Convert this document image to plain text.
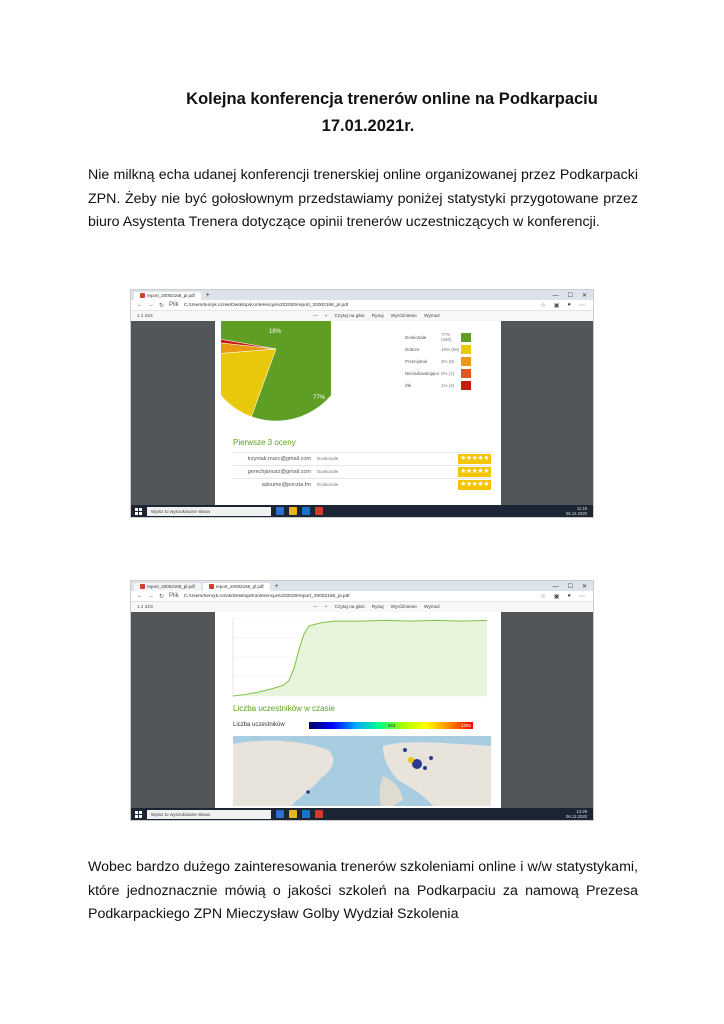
Kolejna konferencja trenerów online na Podkarpaciu
17.01.2021r.
Nie milkną echa udanej konferencji trenerskiej online organizowanej przez Podkarpacki ZPN. Żeby nie być gołosłownym przedstawiamy poniżej statystyki przygotowane przez biuro Asystenta Trenera dotyczące opinii trenerów uczestniczących w konferencji.
report_20002168_pl.pdf	+	— ☐ ✕
← → ↻ Plik C:/Users/tenryk.rozek/Desktop/Konferencja%202020/report_20002168_pl.pdf	☆ ▣ ● ⋯
1 z 224	— + Czytaj na głos Rysuj Wyróżnienie Wymaż
18%
77%
Doskonale	77% (250)
Dobrze	18% (59)
Przeciętnie	3% (8)
Niezadowalająco 0% (1)
Źle	1% (4)
Pierwsze 3 oceny
trzyniak.marc@gmail.com	Doskonale	★★★★★
gerechjanusz@gmail.com	Doskonale	★★★★★
adoume@poczta.fm	Doskonale	★★★★★
Wpisz tu wyszukiwane słowa	11:18
06.12.2020
report_20002168_pl.pdf	report_20002168_pl.pdf	+	— ☐ ✕
← → ↻ Plik C:/Users/henryk.rozek/Desktop/Konferencja%202020/report_20002168_pl.pdf	☆ ▣ ● ⋯
1 z 219	— + Czytaj na głos Rysuj Wyróżnienie Wymaż
Liczba uczestników w czasie
Liczba uczestników	243	1295
Wpisz tu wyszukiwane słowa	12:29
06.12.2020
Wobec bardzo dużego zainteresowania trenerów szkoleniami online i w/w statystykami, które jednoznacznie mówią o jakości szkoleń na Podkarpaciu za namową Prezesa Podkarpackiego ZPN Mieczysław Golby Wydział Szkolenia
